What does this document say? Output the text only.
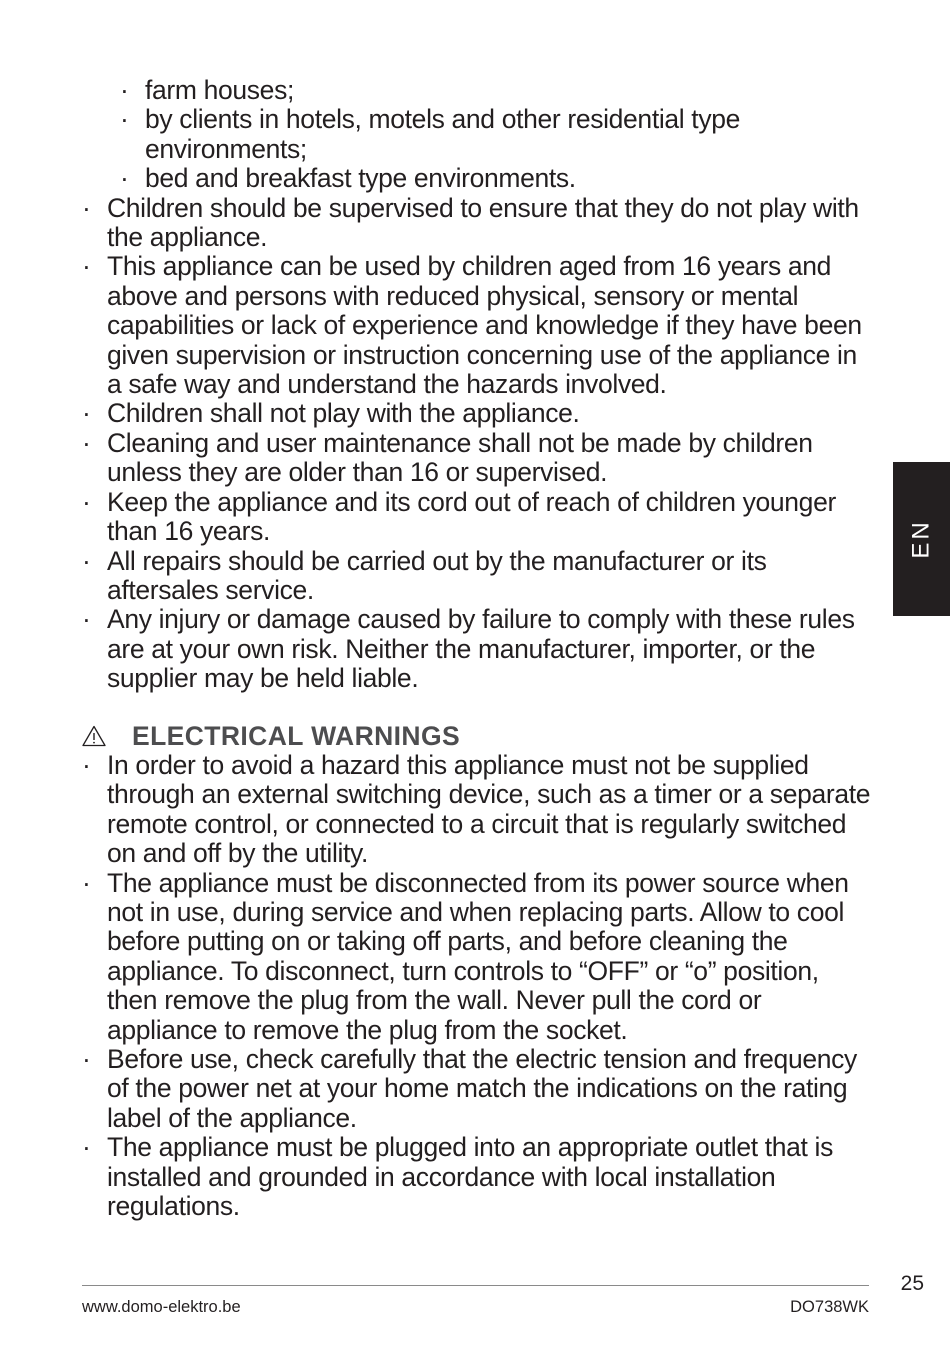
· farm houses;
· by clients in hotels, motels and other residential type environments;
· bed and breakfast type environments.
· Children should be supervised to ensure that they do not play with the appliance.
· This appliance can be used by children aged from 16 years and above and persons with reduced physical, sensory or mental capabilities or lack of experience and knowledge if they have been given supervision or instruction concerning use of the appliance in a safe way and understand the hazards involved.
· Children shall not play with the appliance.
· Cleaning and user maintenance shall not be made by children unless they are older than 16 or supervised.
· Keep the appliance and its cord out of reach of children younger than 16 years.
· All repairs should be carried out by the manufacturer or its aftersales service.
· Any injury or damage caused by failure to comply with these rules are at your own risk. Neither the manufacturer, importer, or the supplier may be held liable.
ELECTRICAL WARNINGS
· In order to avoid a hazard this appliance must not be supplied through an external switching device, such as a timer or a separate remote control, or connected to a circuit that is regularly switched on and off by the utility.
· The appliance must be disconnected from its power source when not in use, during service and when replacing parts. Allow to cool before putting on or taking off parts, and before cleaning the appliance. To disconnect, turn controls to “OFF” or “o” position, then remove the plug from the wall. Never pull the cord or appliance to remove the plug from the socket.
· Before use, check carefully that the electric tension and frequency of the power net at your home match the indications on the rating label of the appliance.
· The appliance must be plugged into an appropriate outlet that is installed and grounded in accordance with local installation regulations.
EN
25
www.domo-elektro.be	DO738WK
